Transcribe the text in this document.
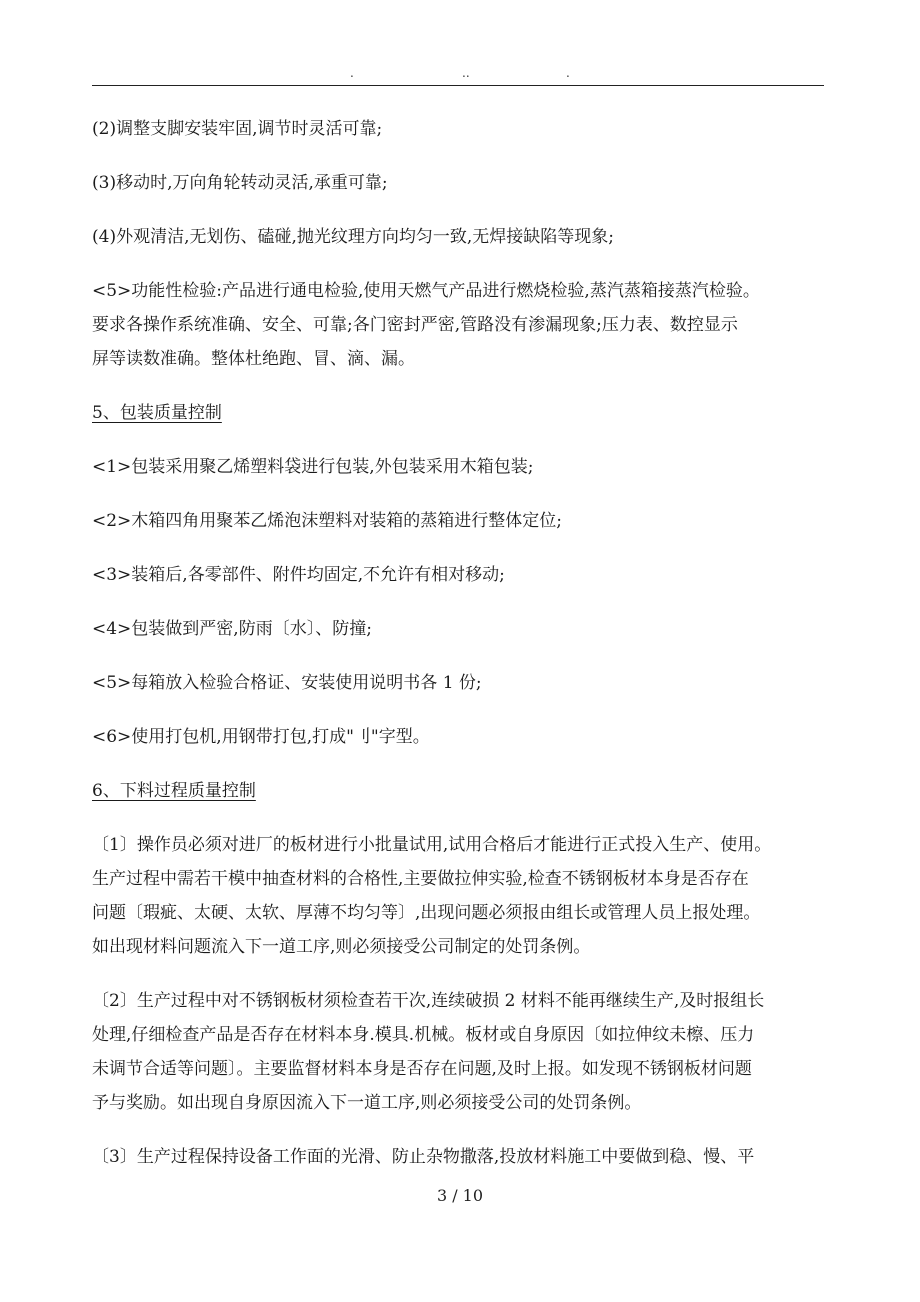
.	..	.
(2)调整支脚安装牢固,调节时灵活可靠;
(3)移动时,万向角轮转动灵活,承重可靠;
(4)外观清洁,无划伤、磕碰,抛光纹理方向均匀一致,无焊接缺陷等现象;
<5>功能性检验:产品进行通电检验,使用天燃气产品进行燃烧检验,蒸汽蒸箱接蒸汽检验。
要求各操作系统准确、安全、可靠;各门密封严密,管路没有渗漏现象;压力表、数控显示
屏等读数准确。整体杜绝跑、冒、滴、漏。
5、包装质量控制
<1>包装采用聚乙烯塑料袋进行包装,外包装采用木箱包装;
<2>木箱四角用聚苯乙烯泡沫塑料对装箱的蒸箱进行整体定位;
<3>装箱后,各零部件、附件均固定,不允许有相对移动;
<4>包装做到严密,防雨〔水〕、防撞;
<5>每箱放入检验合格证、安装使用说明书各 1 份;
<6>使用打包机,用钢带打包,打成"刂"字型。
6、下料过程质量控制
〔1〕操作员必须对进厂的板材进行小批量试用,试用合格后才能进行正式投入生产、使用。
生产过程中需若干模中抽查材料的合格性,主要做拉伸实验,检查不锈钢板材本身是否存在
问题〔瑕疵、太硬、太软、厚薄不均匀等〕,出现问题必须报由组长或管理人员上报处理。
如出现材料问题流入下一道工序,则必须接受公司制定的处罚条例。
〔2〕生产过程中对不锈钢板材须检查若干次,连续破损 2 材料不能再继续生产,及时报组长
处理,仔细检查产品是否存在材料本身.模具.机械。板材或自身原因〔如拉伸纹未檫、压力
未调节合适等问题〕。主要监督材料本身是否存在问题,及时上报。如发现不锈钢板材问题
予与奖励。如出现自身原因流入下一道工序,则必须接受公司的处罚条例。
〔3〕生产过程保持设备工作面的光滑、防止杂物撒落,投放材料施工中要做到稳、慢、平
3 / 10
